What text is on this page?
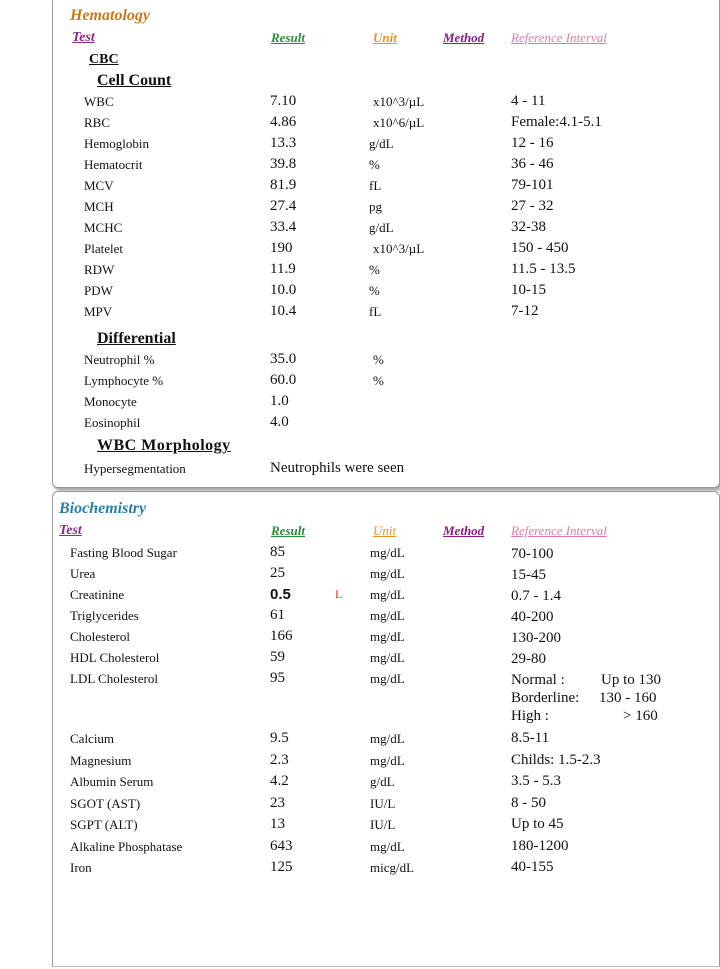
Hematology
Test	Result	Unit	Method Reference Interval
CBC
Cell Count
WBC	7.10	x10^3/µL	4 - 11
RBC	4.86	x10^6/µL	Female:4.1-5.1
Hemoglobin	13.3	g/dL	12 - 16
Hematocrit	39.8	%	36 - 46
MCV	81.9	fL	79-101
MCH	27.4	pg	27 - 32
MCHC	33.4	g/dL	32-38
Platelet	190	x10^3/µL	150 - 450
RDW	11.9	%	11.5 - 13.5
PDW	10.0	%	10-15
MPV	10.4	fL	7-12
Differential
Neutrophil %	35.0	%
Lymphocyte %	60.0	%
Monocyte	1.0
Eosinophil	4.0
WBC Morphology
Hypersegmentation	Neutrophils were seen
Biochemistry
Test	Result	Unit	Method Reference Interval
Fasting Blood Sugar	85	mg/dL	70-100
Urea	25	mg/dL	15-45
Creatinine	0.5	L mg/dL	0.7 - 1.4
Triglycerides	61	mg/dL	40-200
Cholesterol	166	mg/dL	130-200
HDL Cholesterol	59	mg/dL	29-80
LDL Cholesterol	95	mg/dL	Normal : Up to 130
Borderline: 130 - 160
High :	> 160
Calcium	9.5	mg/dL	8.5-11
Magnesium	2.3	mg/dL	Childs: 1.5-2.3
Albumin Serum	4.2	g/dL	3.5 - 5.3
SGOT (AST)	23	IU/L	8 - 50
SGPT (ALT)	13	IU/L	Up to 45
Alkaline Phosphatase	643	mg/dL	180-1200
Iron	125	micg/dL	40-155
